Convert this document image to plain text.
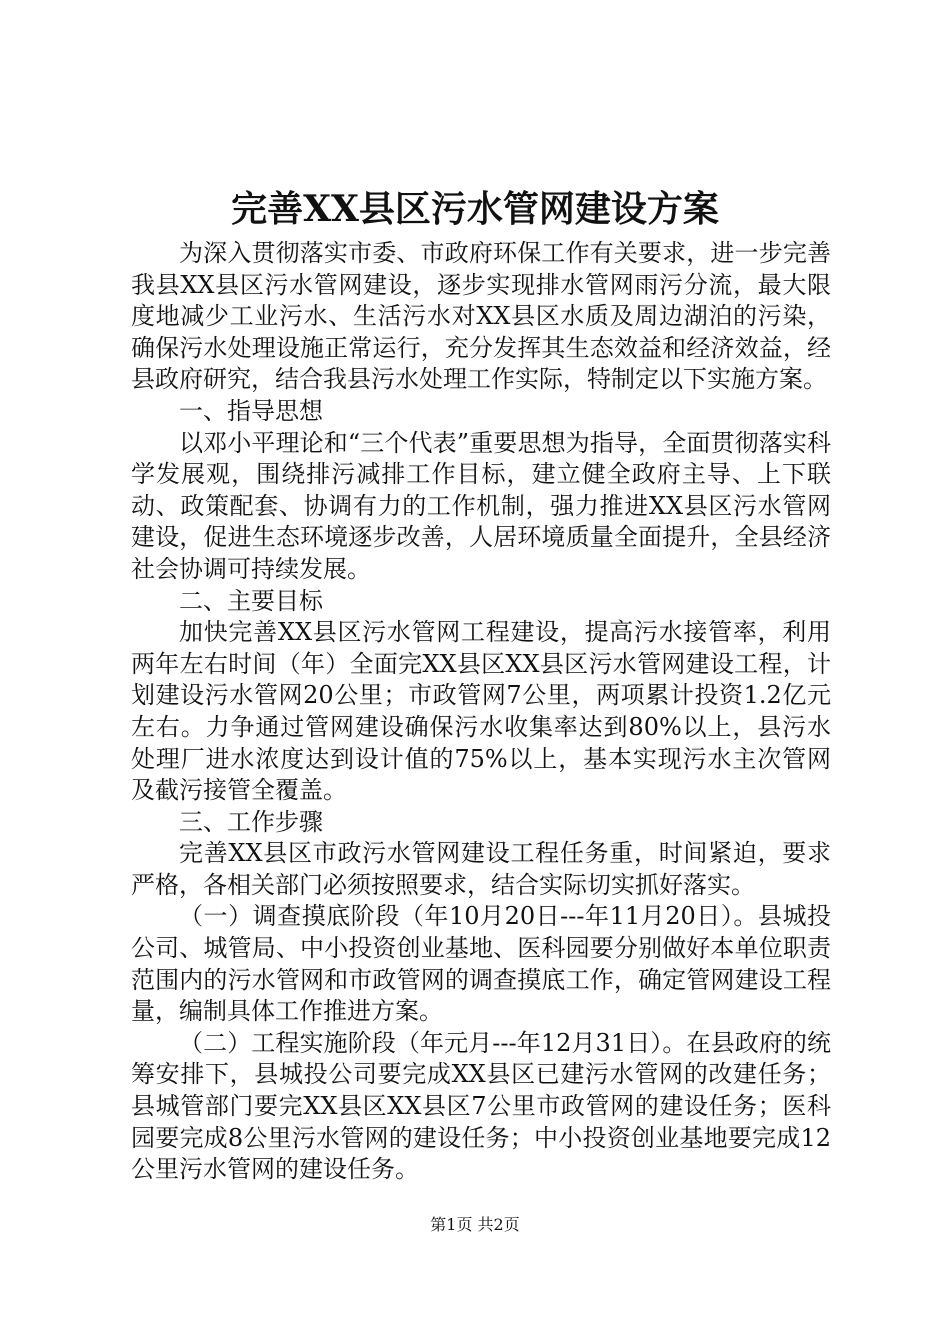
完善XX县区污水管网建设方案

为深入贯彻落实市委、市政府环保工作有关要求，进一步完善我县XX县区污水管网建设，逐步实现排水管网雨污分流，最大限度地减少工业污水、生活污水对XX县区水质及周边湖泊的污染，确保污水处理设施正常运行，充分发挥其生态效益和经济效益，经县政府研究，结合我县污水处理工作实际，特制定以下实施方案。

一、指导思想

以邓小平理论和“三个代表”重要思想为指导，全面贯彻落实科学发展观，围绕排污减排工作目标，建立健全政府主导、上下联动、政策配套、协调有力的工作机制，强力推进XX县区污水管网建设，促进生态环境逐步改善，人居环境质量全面提升，全县经济社会协调可持续发展。

二、主要目标

加快完善XX县区污水管网工程建设，提高污水接管率，利用两年左右时间（年）全面完XX县区XX县区污水管网建设工程，计划建设污水管网20公里；市政管网7公里，两项累计投资1.2亿元左右。力争通过管网建设确保污水收集率达到80%以上，县污水处理厂进水浓度达到设计值的75%以上，基本实现污水主次管网及截污接管全覆盖。

三、工作步骤

完善XX县区市政污水管网建设工程任务重，时间紧迫，要求严格，各相关部门必须按照要求，结合实际切实抓好落实。

（一）调查摸底阶段（年10月20日---年11月20日）。县城投公司、城管局、中小投资创业基地、医科园要分别做好本单位职责范围内的污水管网和市政管网的调查摸底工作，确定管网建设工程量，编制具体工作推进方案。

（二）工程实施阶段（年元月---年12月31日）。在县政府的统筹安排下，县城投公司要完成XX县区已建污水管网的改建任务；县城管部门要完XX县区XX县区7公里市政管网的建设任务；医科园要完成8公里污水管网的建设任务；中小投资创业基地要完成12公里污水管网的建设任务。

第1页 共2页
